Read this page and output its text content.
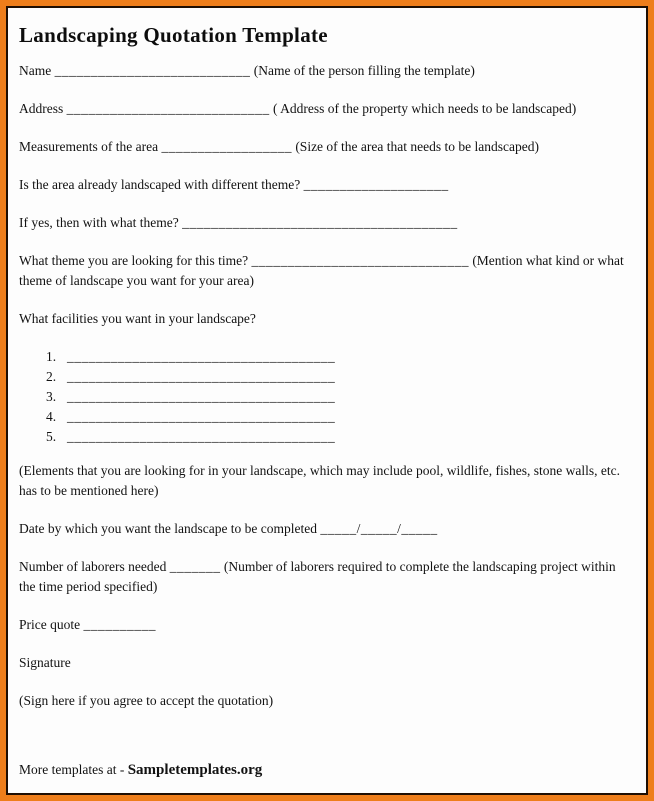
Landscaping Quotation Template

Name ___________________________ (Name of the person filling the template)

Address ____________________________ ( Address of the property which needs to be landscaped)

Measurements of the area __________________ (Size of the area that needs to be landscaped)

Is the area already landscaped with different theme? ____________________

If yes, then with what theme? ______________________________________

What theme you are looking for this time? ______________________________ (Mention what kind or what theme of landscape you want for your area)

What facilities you want in your landscape?

1. _____________________________________
2. _____________________________________
3. _____________________________________
4. _____________________________________
5. _____________________________________

(Elements that you are looking for in your landscape, which may include pool, wildlife, fishes, stone walls, etc. has to be mentioned here)

Date by which you want the landscape to be completed _____/_____/_____

Number of laborers needed _______ (Number of laborers required to complete the landscaping project within the time period specified)

Price quote __________

Signature

(Sign here if you agree to accept the quotation)

More templates at - Sampletemplates.org
